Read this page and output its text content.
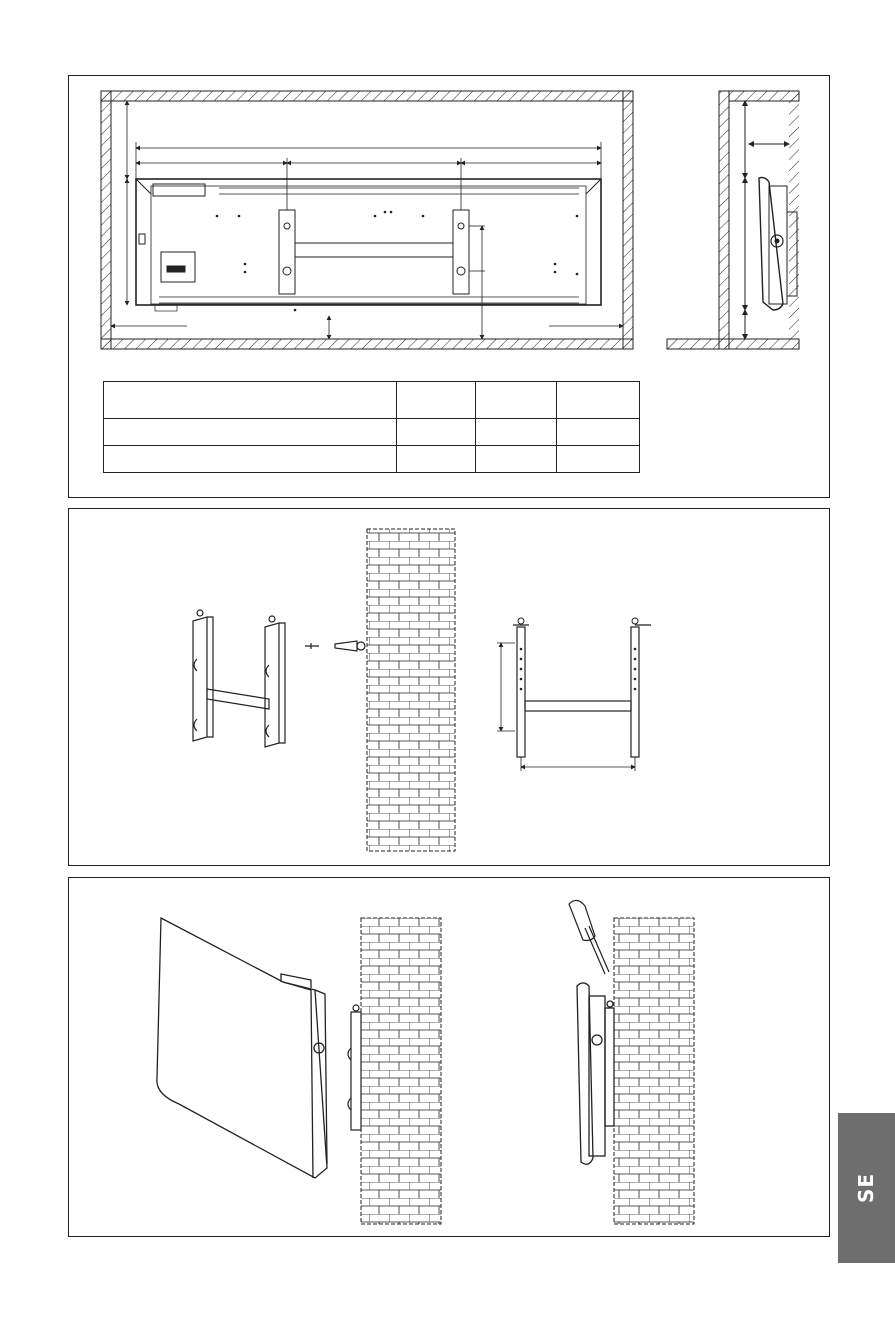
SE
